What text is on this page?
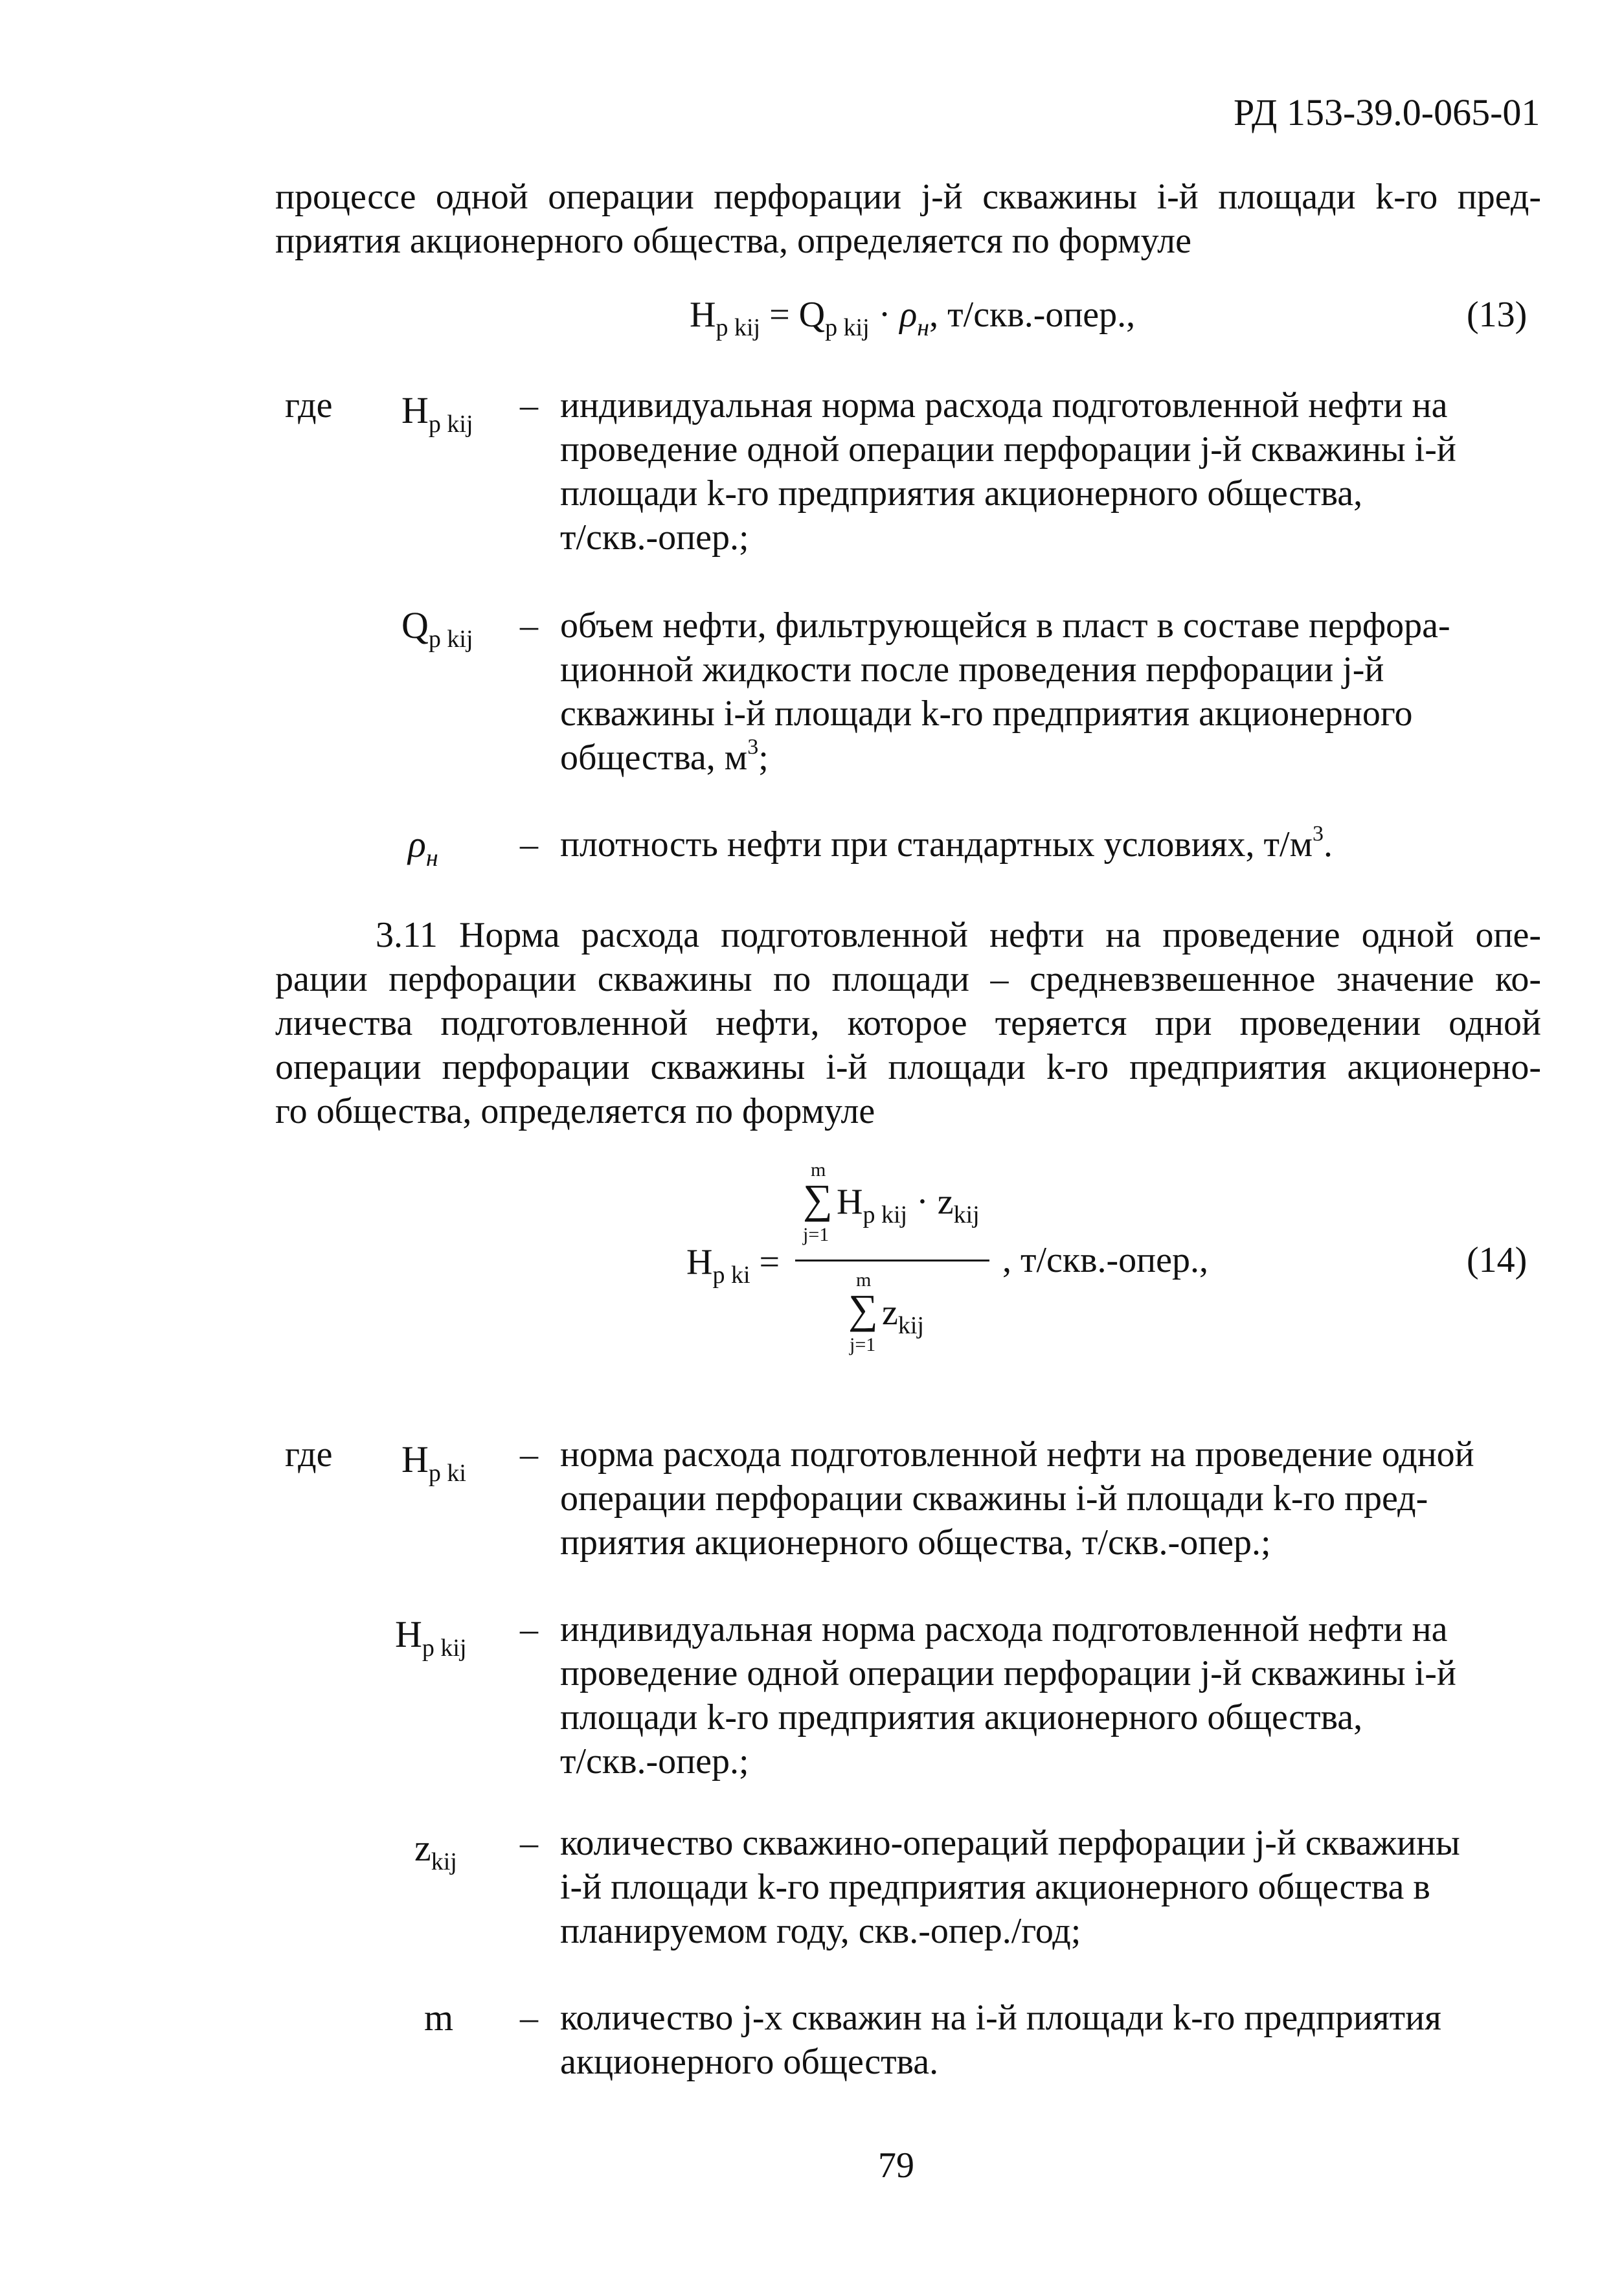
РД 153-39.0-065-01
процессе одной операции перфорации j-й скважины i-й площади k-го пред-
приятия акционерного общества, определяется по формуле
$H_{р kij} = Q_{р kij} \cdot \rho_н$, т/скв.-опер.,	(13)
где $H_{р kij}$ – индивидуальная норма расхода подготовленной нефти на
проведение одной операции перфорации j-й скважины i-й
площади k-го предприятия акционерного общества,
т/скв.-опер.;
$Q_{р kij}$ – объем нефти, фильтрующейся в пласт в составе перфора-
ционной жидкости после проведения перфорации j-й
скважины i-й площади k-го предприятия акционерного
общества, $м^3$;
$\rho_н$ – плотность нефти при стандартных условиях, $т/м^3$.
3.11 Норма расхода подготовленной нефти на проведение одной опе-
рации перфорации скважины по площади – средневзвешенное значение ко-
личества подготовленной нефти, которое теряется при проведении одной
операции перфорации скважины i-й площади k-го предприятия акционерно-
го общества, определяется по формуле
$H_{р ki}$ =
m
∑
j=1
$H_{р kij} \cdot z_{kij}$
m
∑
j=1
$z_{kij}$
, т/скв.-опер.,	(14)
где $H_{р ki}$ – норма расхода подготовленной нефти на проведение одной
операции перфорации скважины i-й площади k-го пред-
приятия акционерного общества, т/скв.-опер.;
$H_{р kij}$ – индивидуальная норма расхода подготовленной нефти на
проведение одной операции перфорации j-й скважины i-й
площади k-го предприятия акционерного общества,
т/скв.-опер.;
$z_{kij}$ – количество скважино-операций перфорации j-й скважины
i-й площади k-го предприятия акционерного общества в
планируемом году, скв.-опер./год;
m – количество j-х скважин на i-й площади k-го предприятия
акционерного общества.
79
